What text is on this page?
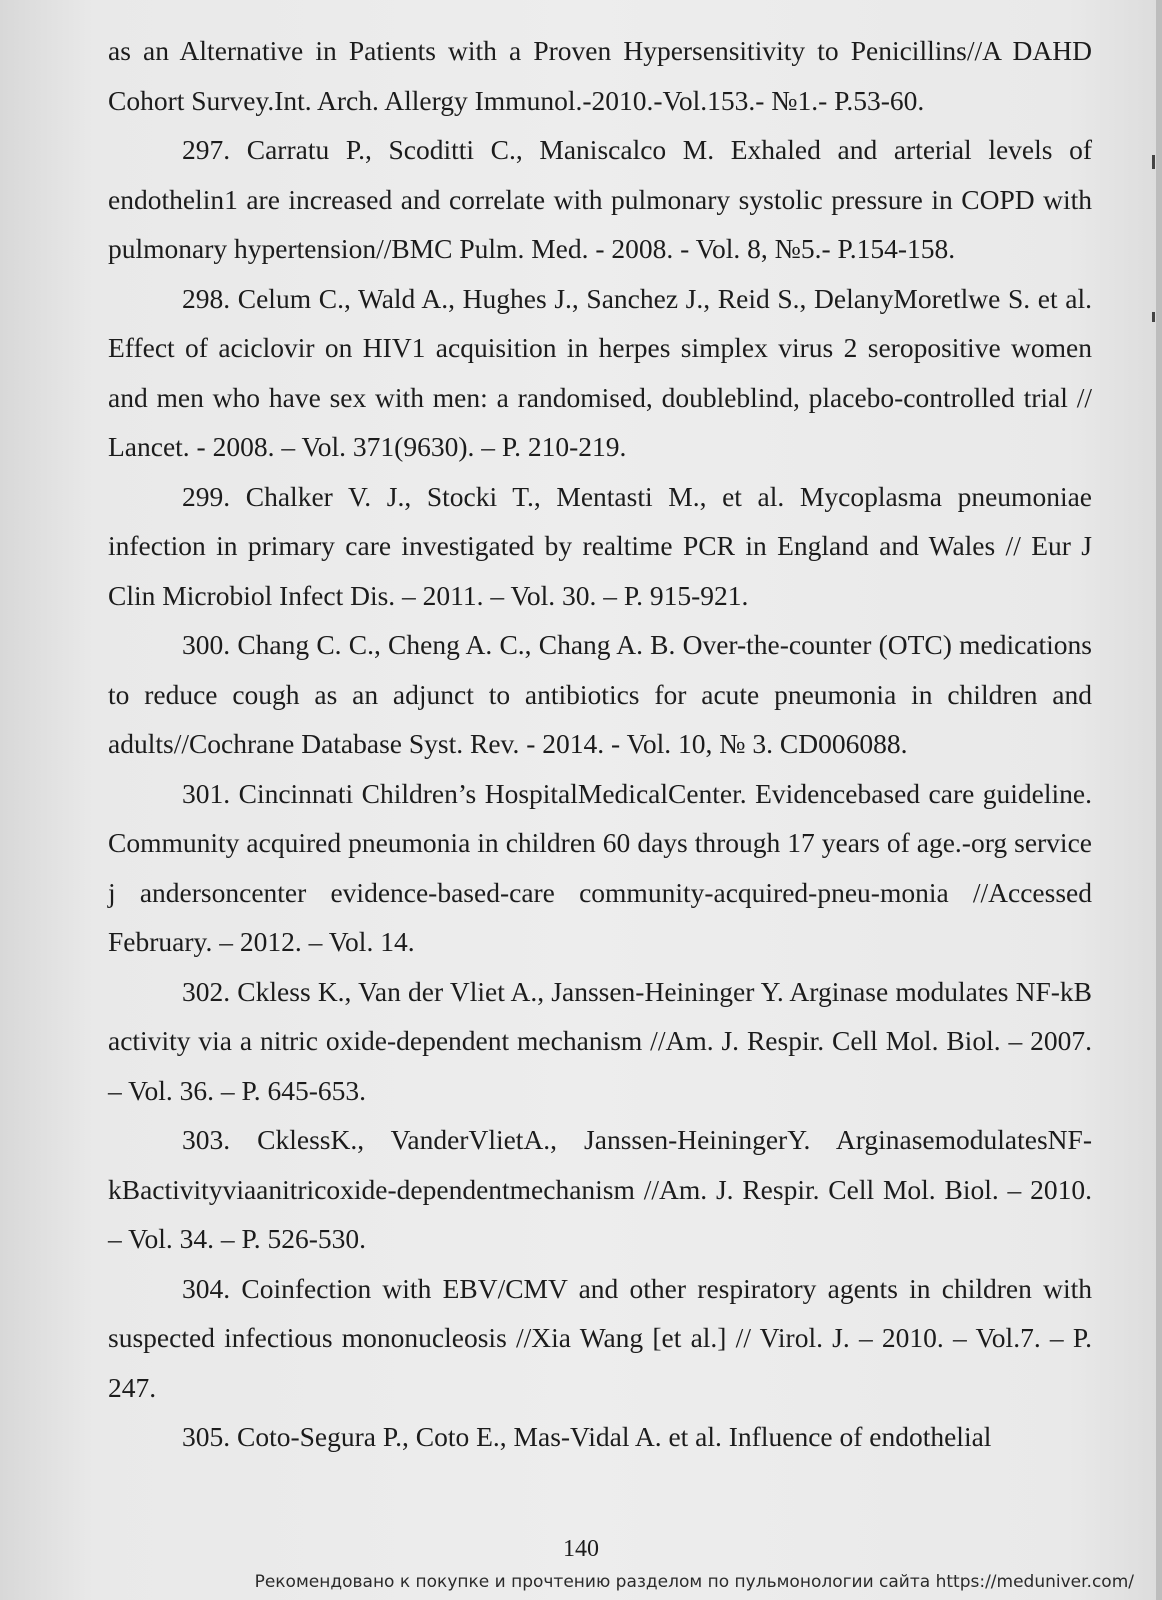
as an Alternative in Patients with a Proven Hypersensitivity to Penicillins//A DAHD Cohort Survey.Int. Arch. Allergy Immunol.-2010.-Vol.153.- №1.- P.53-60.

297. Carratu P., Scoditti C., Maniscalco M. Exhaled and arterial levels of endothelin1 are increased and correlate with pulmonary systolic pressure in COPD with pulmonary hypertension//BMC Pulm. Med. - 2008. - Vol. 8, №5.- P.154-158.

298. Celum C., Wald A., Hughes J., Sanchez J., Reid S., DelanyMoretlwe S. et al. Effect of aciclovir on HIV1 acquisition in herpes simplex virus 2 seropositive women and men who have sex with men: a randomised, doubleblind, placebo-controlled trial // Lancet. - 2008. – Vol. 371(9630). – P. 210-219.

299. Chalker V. J., Stocki T., Mentasti M., et al. Mycoplasma pneumoniae infection in primary care investigated by realtime PCR in England and Wales // Eur J Clin Microbiol Infect Dis. – 2011. – Vol. 30. – P. 915-921.

300. Chang C. C., Cheng A. C., Chang A. B. Over-the-counter (OTC) medications to reduce cough as an adjunct to antibiotics for acute pneumonia in children and adults//Cochrane Database Syst. Rev. - 2014. - Vol. 10, № 3. CD006088.

301. Cincinnati Children’s HospitalMedicalCenter. Evidencebased care guideline. Community acquired pneumonia in children 60 days through 17 years of age.-org service j andersoncenter evidence-based-care community-acquired-pneu-monia //Accessed February. – 2012. – Vol. 14.

302. Ckless K., Van der Vliet A., Janssen-Heininger Y. Arginase modulates NF-kB activity via a nitric oxide-dependent mechanism //Am. J. Respir. Cell Mol. Biol. – 2007. – Vol. 36. – P. 645-653.

303. CklessK., VanderVlietA., Janssen-HeiningerY. ArginasemodulatesNF-kBactivityviaanitricoxide-dependentmechanism //Am. J. Respir. Cell Mol. Biol. – 2010. – Vol. 34. – P. 526-530.

304. Coinfection with EBV/CMV and other respiratory agents in children with suspected infectious mononucleosis //Xia Wang [et al.] // Virol. J. – 2010. – Vol.7. – P. 247.

305. Coto-Segura P., Coto E., Mas-Vidal A. et al. Influence of endothelial

140
Рекомендовано к покупке и прочтению разделом по пульмонологии сайта https://meduniver.com/
